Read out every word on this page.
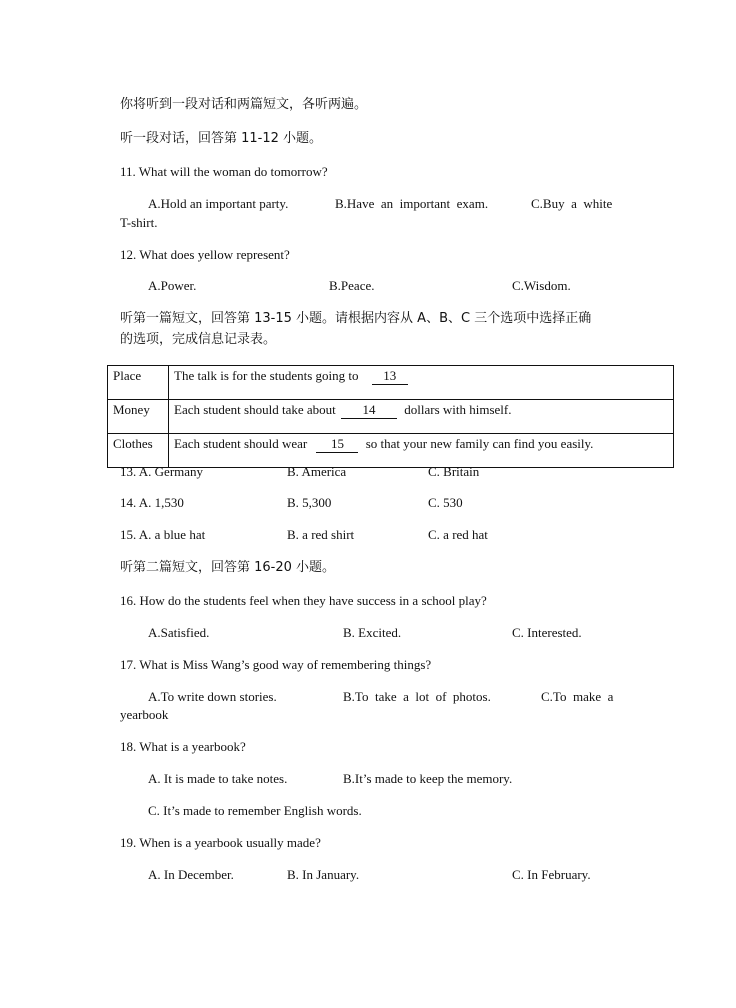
你将听到一段对话和两篇短文，各听两遍。
听一段对话，回答第 11-12 小题。
11. What will the woman do tomorrow?
A.Hold an important party.	B.Have  an  important  exam.	C.Buy  a  white
T-shirt.
12. What does yellow represent?
A.Power.	B.Peace.	C.Wisdom.
听第一篇短文，回答第 13-15 小题。请根据内容从 A、B、C 三个选项中选择正确
的选项，完成信息记录表。
Place	The talk is for the students going to 13
Money	Each student should take about 14 dollars with himself.
Clothes	Each student should wear 15 so that your new family can find you easily.
13. A. Germany	B. America	C. Britain
14. A. 1,530	B. 5,300	C. 530
15. A. a blue hat	B. a red shirt	C. a red hat
听第二篇短文，回答第 16-20 小题。
16. How do the students feel when they have success in a school play?
A.Satisfied.	B. Excited.	C. Interested.
17. What is Miss Wang’s good way of remembering things?
A.To write down stories.	B.To  take  a  lot  of  photos.	C.To  make  a
yearbook
18. What is a yearbook?
A. It is made to take notes.	B.It’s made to keep the memory.
C. It’s made to remember English words.
19. When is a yearbook usually made?
A. In December.	B. In January.	C. In February.
